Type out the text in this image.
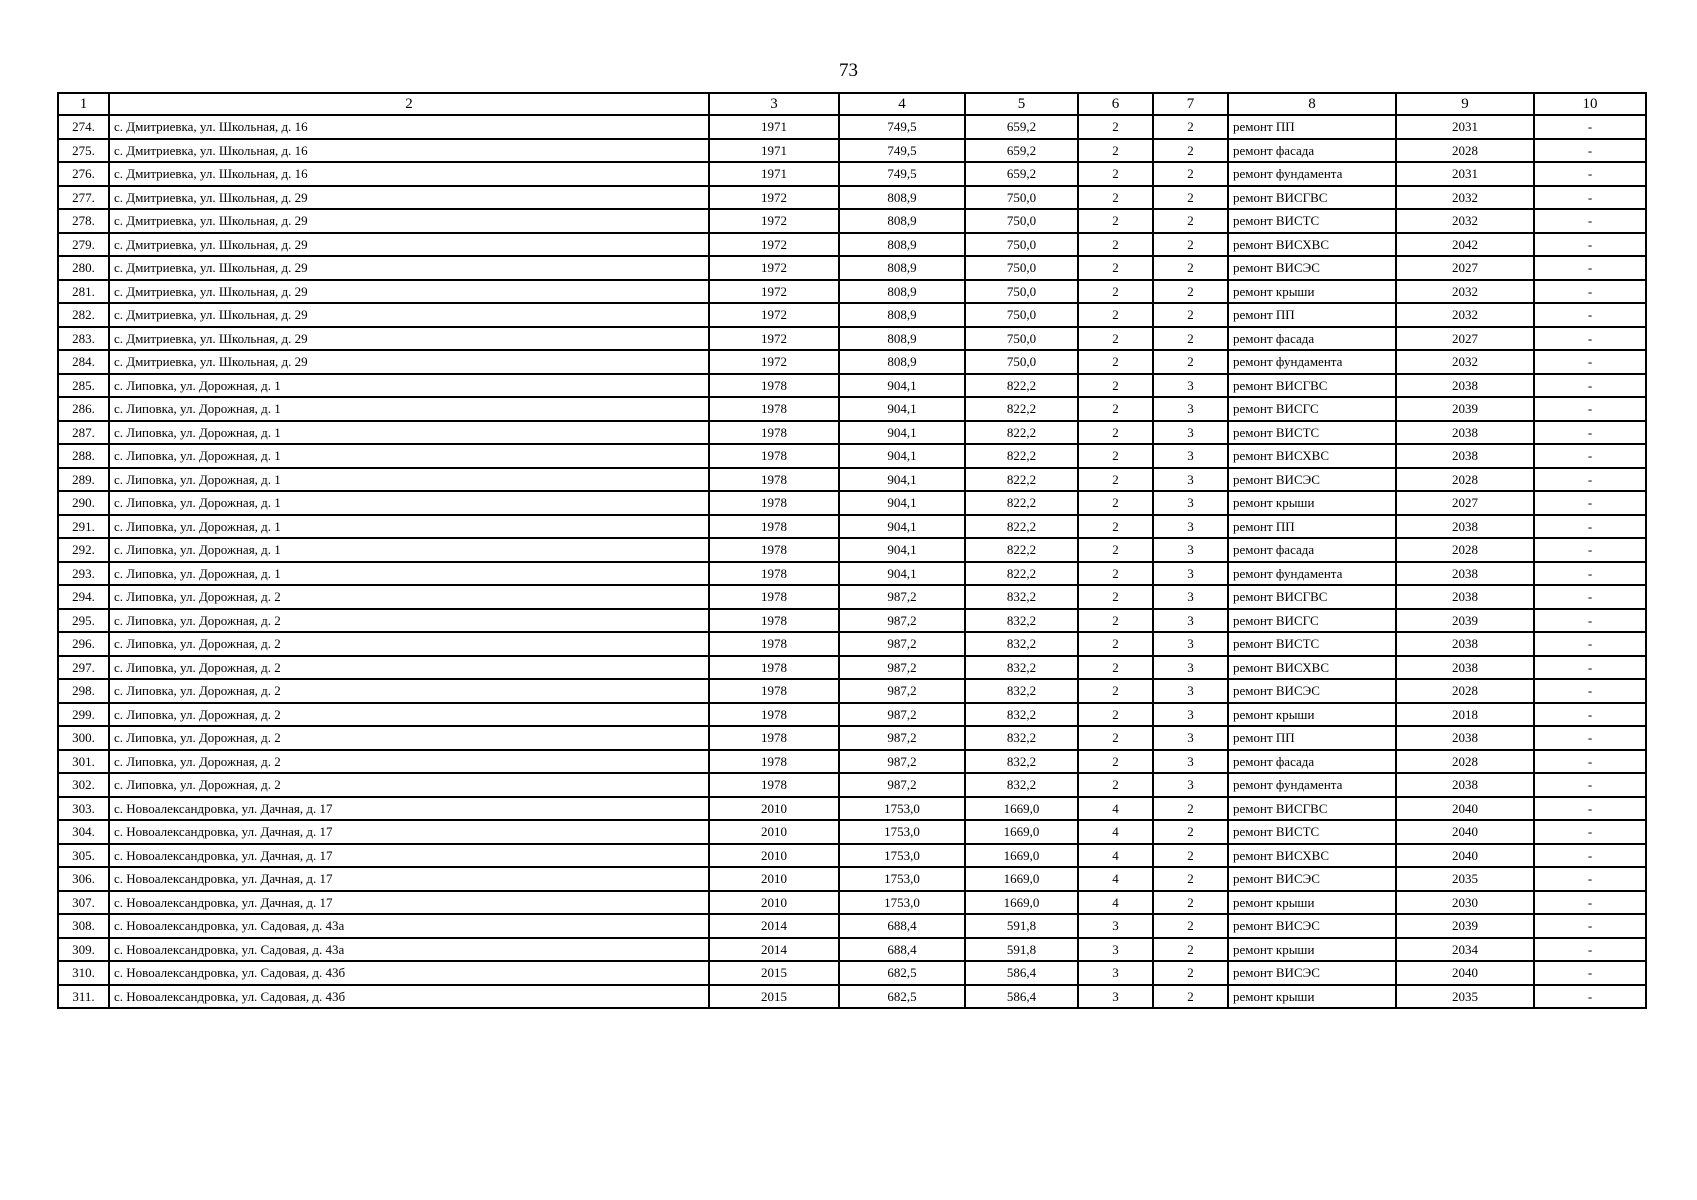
73
1	2	3	4	5	6	7	8	9	10
274.	с. Дмитриевка, ул. Школьная, д. 16	1971	749,5	659,2	2	2	ремонт ПП	2031	-
275.	с. Дмитриевка, ул. Школьная, д. 16	1971	749,5	659,2	2	2	ремонт фасада	2028	-
276.	с. Дмитриевка, ул. Школьная, д. 16	1971	749,5	659,2	2	2	ремонт фундамента	2031	-
277.	с. Дмитриевка, ул. Школьная, д. 29	1972	808,9	750,0	2	2	ремонт ВИСГВС	2032	-
278.	с. Дмитриевка, ул. Школьная, д. 29	1972	808,9	750,0	2	2	ремонт ВИСТС	2032	-
279.	с. Дмитриевка, ул. Школьная, д. 29	1972	808,9	750,0	2	2	ремонт ВИСХВС	2042	-
280.	с. Дмитриевка, ул. Школьная, д. 29	1972	808,9	750,0	2	2	ремонт ВИСЭС	2027	-
281.	с. Дмитриевка, ул. Школьная, д. 29	1972	808,9	750,0	2	2	ремонт крыши	2032	-
282.	с. Дмитриевка, ул. Школьная, д. 29	1972	808,9	750,0	2	2	ремонт ПП	2032	-
283.	с. Дмитриевка, ул. Школьная, д. 29	1972	808,9	750,0	2	2	ремонт фасада	2027	-
284.	с. Дмитриевка, ул. Школьная, д. 29	1972	808,9	750,0	2	2	ремонт фундамента	2032	-
285.	с. Липовка, ул. Дорожная, д. 1	1978	904,1	822,2	2	3	ремонт ВИСГВС	2038	-
286.	с. Липовка, ул. Дорожная, д. 1	1978	904,1	822,2	2	3	ремонт ВИСГС	2039	-
287.	с. Липовка, ул. Дорожная, д. 1	1978	904,1	822,2	2	3	ремонт ВИСТС	2038	-
288.	с. Липовка, ул. Дорожная, д. 1	1978	904,1	822,2	2	3	ремонт ВИСХВС	2038	-
289.	с. Липовка, ул. Дорожная, д. 1	1978	904,1	822,2	2	3	ремонт ВИСЭС	2028	-
290.	с. Липовка, ул. Дорожная, д. 1	1978	904,1	822,2	2	3	ремонт крыши	2027	-
291.	с. Липовка, ул. Дорожная, д. 1	1978	904,1	822,2	2	3	ремонт ПП	2038	-
292.	с. Липовка, ул. Дорожная, д. 1	1978	904,1	822,2	2	3	ремонт фасада	2028	-
293.	с. Липовка, ул. Дорожная, д. 1	1978	904,1	822,2	2	3	ремонт фундамента	2038	-
294.	с. Липовка, ул. Дорожная, д. 2	1978	987,2	832,2	2	3	ремонт ВИСГВС	2038	-
295.	с. Липовка, ул. Дорожная, д. 2	1978	987,2	832,2	2	3	ремонт ВИСГС	2039	-
296.	с. Липовка, ул. Дорожная, д. 2	1978	987,2	832,2	2	3	ремонт ВИСТС	2038	-
297.	с. Липовка, ул. Дорожная, д. 2	1978	987,2	832,2	2	3	ремонт ВИСХВС	2038	-
298.	с. Липовка, ул. Дорожная, д. 2	1978	987,2	832,2	2	3	ремонт ВИСЭС	2028	-
299.	с. Липовка, ул. Дорожная, д. 2	1978	987,2	832,2	2	3	ремонт крыши	2018	-
300.	с. Липовка, ул. Дорожная, д. 2	1978	987,2	832,2	2	3	ремонт ПП	2038	-
301.	с. Липовка, ул. Дорожная, д. 2	1978	987,2	832,2	2	3	ремонт фасада	2028	-
302.	с. Липовка, ул. Дорожная, д. 2	1978	987,2	832,2	2	3	ремонт фундамента	2038	-
303.	с. Новоалександровка, ул. Дачная, д. 17	2010	1753,0	1669,0	4	2	ремонт ВИСГВС	2040	-
304.	с. Новоалександровка, ул. Дачная, д. 17	2010	1753,0	1669,0	4	2	ремонт ВИСТС	2040	-
305.	с. Новоалександровка, ул. Дачная, д. 17	2010	1753,0	1669,0	4	2	ремонт ВИСХВС	2040	-
306.	с. Новоалександровка, ул. Дачная, д. 17	2010	1753,0	1669,0	4	2	ремонт ВИСЭС	2035	-
307.	с. Новоалександровка, ул. Дачная, д. 17	2010	1753,0	1669,0	4	2	ремонт крыши	2030	-
308.	с. Новоалександровка, ул. Садовая, д. 43а	2014	688,4	591,8	3	2	ремонт ВИСЭС	2039	-
309.	с. Новоалександровка, ул. Садовая, д. 43а	2014	688,4	591,8	3	2	ремонт крыши	2034	-
310.	с. Новоалександровка, ул. Садовая, д. 43б	2015	682,5	586,4	3	2	ремонт ВИСЭС	2040	-
311.	с. Новоалександровка, ул. Садовая, д. 43б	2015	682,5	586,4	3	2	ремонт крыши	2035	-
